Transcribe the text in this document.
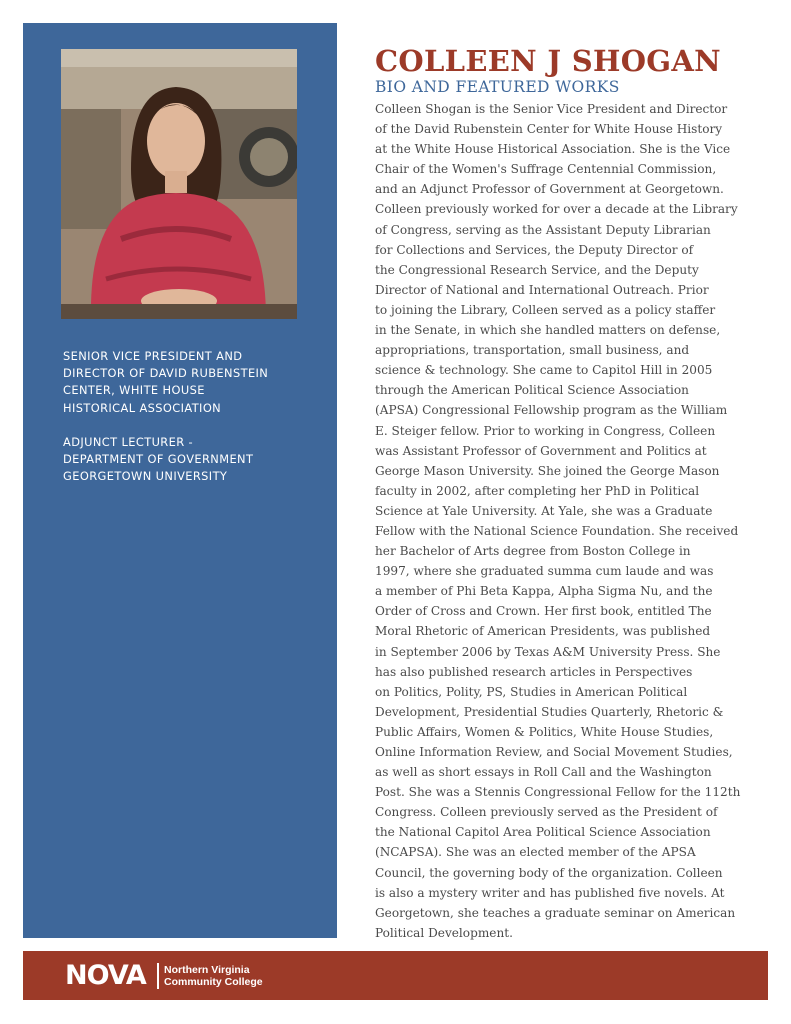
SENIOR VICE PRESIDENT AND
DIRECTOR OF DAVID RUBENSTEIN
CENTER, WHITE HOUSE
HISTORICAL ASSOCIATION
ADJUNCT LECTURER -
DEPARTMENT OF GOVERNMENT
GEORGETOWN UNIVERSITY
COLLEEN J SHOGAN
BIO AND FEATURED WORKS
Colleen Shogan is the Senior Vice President and Director
of the David Rubenstein Center for White House History
at the White House Historical Association. She is the Vice
Chair of the Women's Suffrage Centennial Commission,
and an Adjunct Professor of Government at Georgetown.
Colleen previously worked for over a decade at the Library
of Congress, serving as the Assistant Deputy Librarian
for Collections and Services, the Deputy Director of
the Congressional Research Service, and the Deputy
Director of National and International Outreach. Prior
to joining the Library, Colleen served as a policy staffer
in the Senate, in which she handled matters on defense,
appropriations, transportation, small business, and
science & technology. She came to Capitol Hill in 2005
through the American Political Science Association
(APSA) Congressional Fellowship program as the William
E. Steiger fellow. Prior to working in Congress, Colleen
was Assistant Professor of Government and Politics at
George Mason University. She joined the George Mason
faculty in 2002, after completing her PhD in Political
Science at Yale University. At Yale, she was a Graduate
Fellow with the National Science Foundation. She received
her Bachelor of Arts degree from Boston College in
1997, where she graduated summa cum laude and was
a member of Phi Beta Kappa, Alpha Sigma Nu, and the
Order of Cross and Crown. Her first book, entitled The
Moral Rhetoric of American Presidents, was published
in September 2006 by Texas A&M University Press. She
has also published research articles in Perspectives
on Politics, Polity, PS, Studies in American Political
Development, Presidential Studies Quarterly, Rhetoric &
Public Affairs, Women & Politics, White House Studies,
Online Information Review, and Social Movement Studies,
as well as short essays in Roll Call and the Washington
Post. She was a Stennis Congressional Fellow for the 112th
Congress. Colleen previously served as the President of
the National Capitol Area Political Science Association
(NCAPSA). She was an elected member of the APSA
Council, the governing body of the organization. Colleen
is also a mystery writer and has published five novels. At
Georgetown, she teaches a graduate seminar on American
Political Development.
NOVA Northern Virginia
Community College
